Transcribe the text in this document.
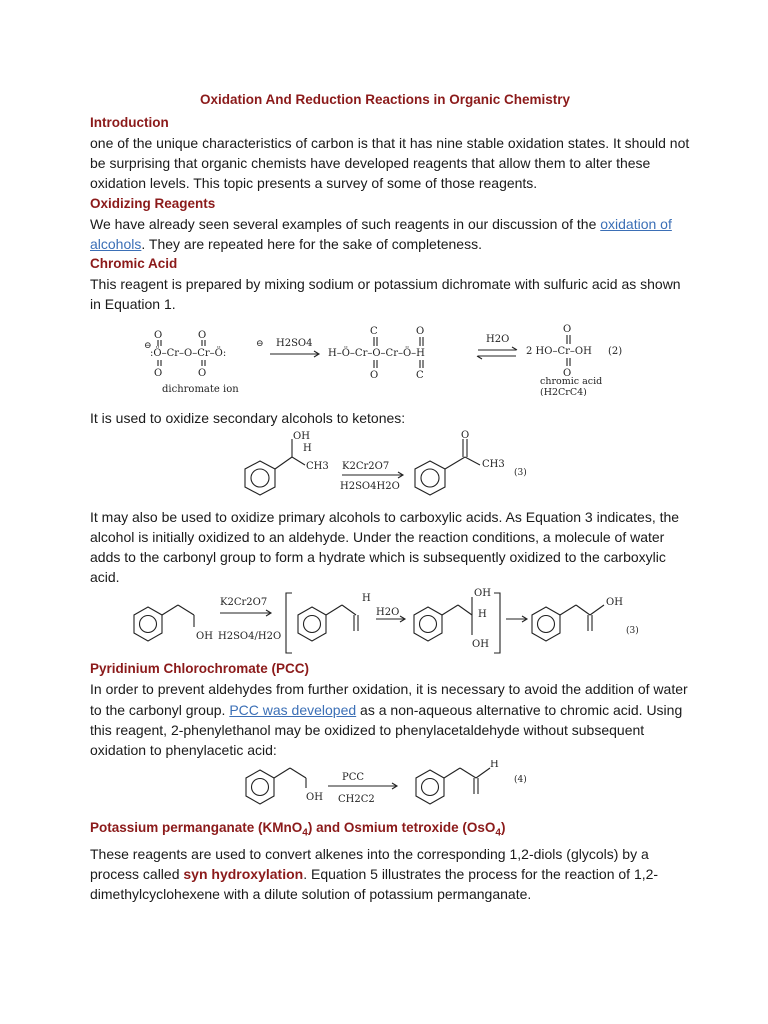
Oxidation And Reduction Reactions in Organic Chemistry
Introduction

one of the unique characteristics of carbon is that it has nine stable oxidation states. It should not be surprising that organic chemists have developed reagents that allow them to alter these oxidation levels. This topic presents a survey of some of those reagents.

Oxidizing Reagents

We have already seen several examples of such reagents in our discussion of the oxidation of alcohols. They are repeated here for the sake of completeness.

Chromic Acid

This reagent is prepared by mixing sodium or potassium dichromate with sulfuric acid as shown in Equation 1.

O
:Ö–Cr–O–Cr–Ö:
O
O	O
⊖	⊖
dichromate ion
H2SO4
H–Ö–Cr–O–Cr–Ö–H
C	O
O	C
H2O
2 HO–Cr–OH
O
O
(2)
chromic acid
(H2CrC4)

It is used to oxidize secondary alcohols to ketones:

OH
H
CH3 K2Cr2O7
H2SO4H2O
O
CH3
(3)

It may also be used to oxidize primary alcohols to carboxylic acids. As Equation 3 indicates, the alcohol is initially oxidized to an aldehyde. Under the reaction conditions, a molecule of water adds to the carbonyl group to form a hydrate which is subsequently oxidized to the carboxylic acid.

OH
K2Cr2O7
H2SO4/H2O
H
H2O
OH
H
OH
OH
(3)
Pyridinium Chlorochromate (PCC)

In order to prevent aldehydes from further oxidation, it is necessary to avoid the addition of water to the carbonyl group. PCC was developed as a non-aqueous alternative to chromic acid. Using this reagent, 2-phenylethanol may be oxidized to phenylacetaldehyde without subsequent oxidation to phenylacetic acid:

OH
PCC
CH2C2
H
(4)
Potassium permanganate (KMnO$_4$) and Osmium tetroxide (OsO$_4$)

These reagents are used to convert alkenes into the corresponding 1,2-diols (glycols) by a process called syn hydroxylation. Equation 5 illustrates the process for the reaction of 1,2-dimethylcyclohexene with a dilute solution of potassium permanganate.
